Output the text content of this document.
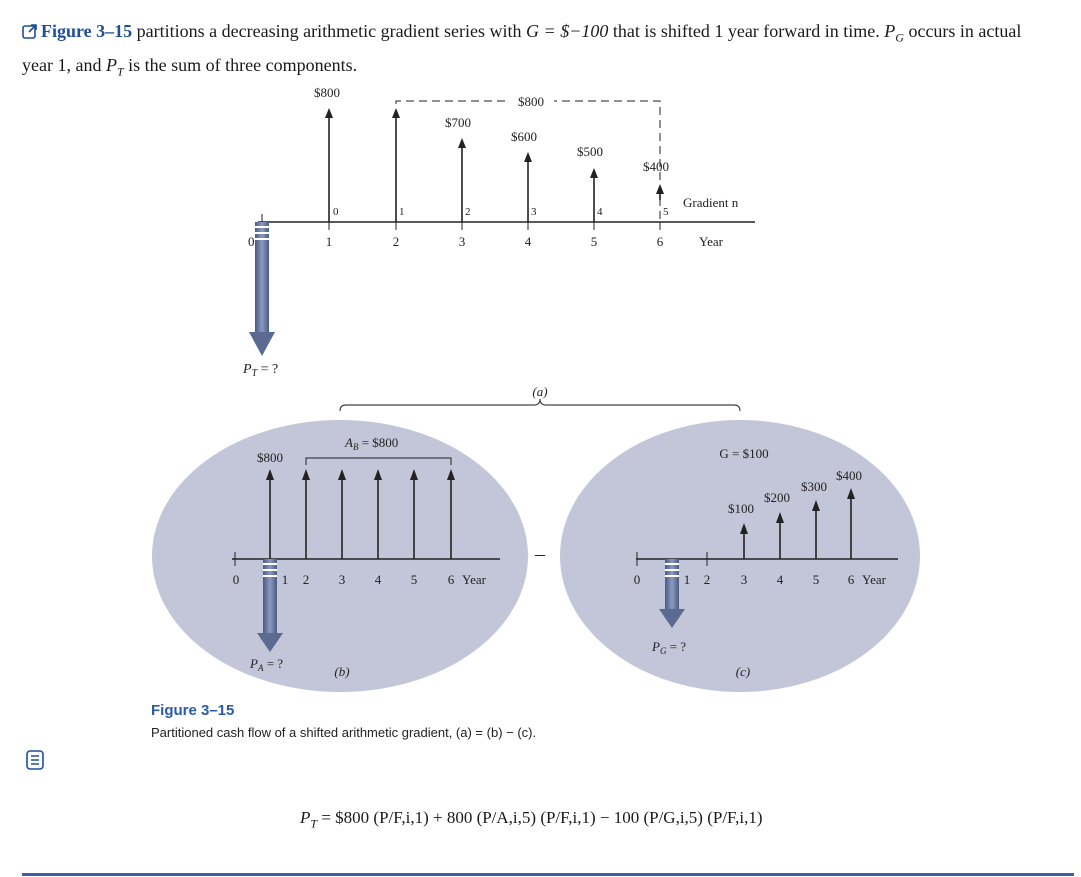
Figure 3–15 partitions a decreasing arithmetic gradient series with G = $−100 that is shifted 1 year forward in time. $P_G$ occurs in actual year 1, and $P_T$ is the sum of three components.
$800
$800
$700
$600
$500
$400
0	1	2	3	4	5
Gradient n
0	1	2	3	4	5	6	Year
$P_T$ = ?
(a)
$A_B$ = $800
$800
0	1 2 3 4 5 6 Year
$P_A$ = ?
(b)
–
G = $100
$100
$200
$300
$400
0	1 2 3 4 5 6 Year
$P_G$ = ?
(c)
Figure 3–15
Partitioned cash flow of a shifted arithmetic gradient, (a) = (b) − (c).
$P_T$ = $800 (P/F,i,1) + 800 (P/A,i,5) (P/F,i,1) − 100 (P/G,i,5) (P/F,i,1)
